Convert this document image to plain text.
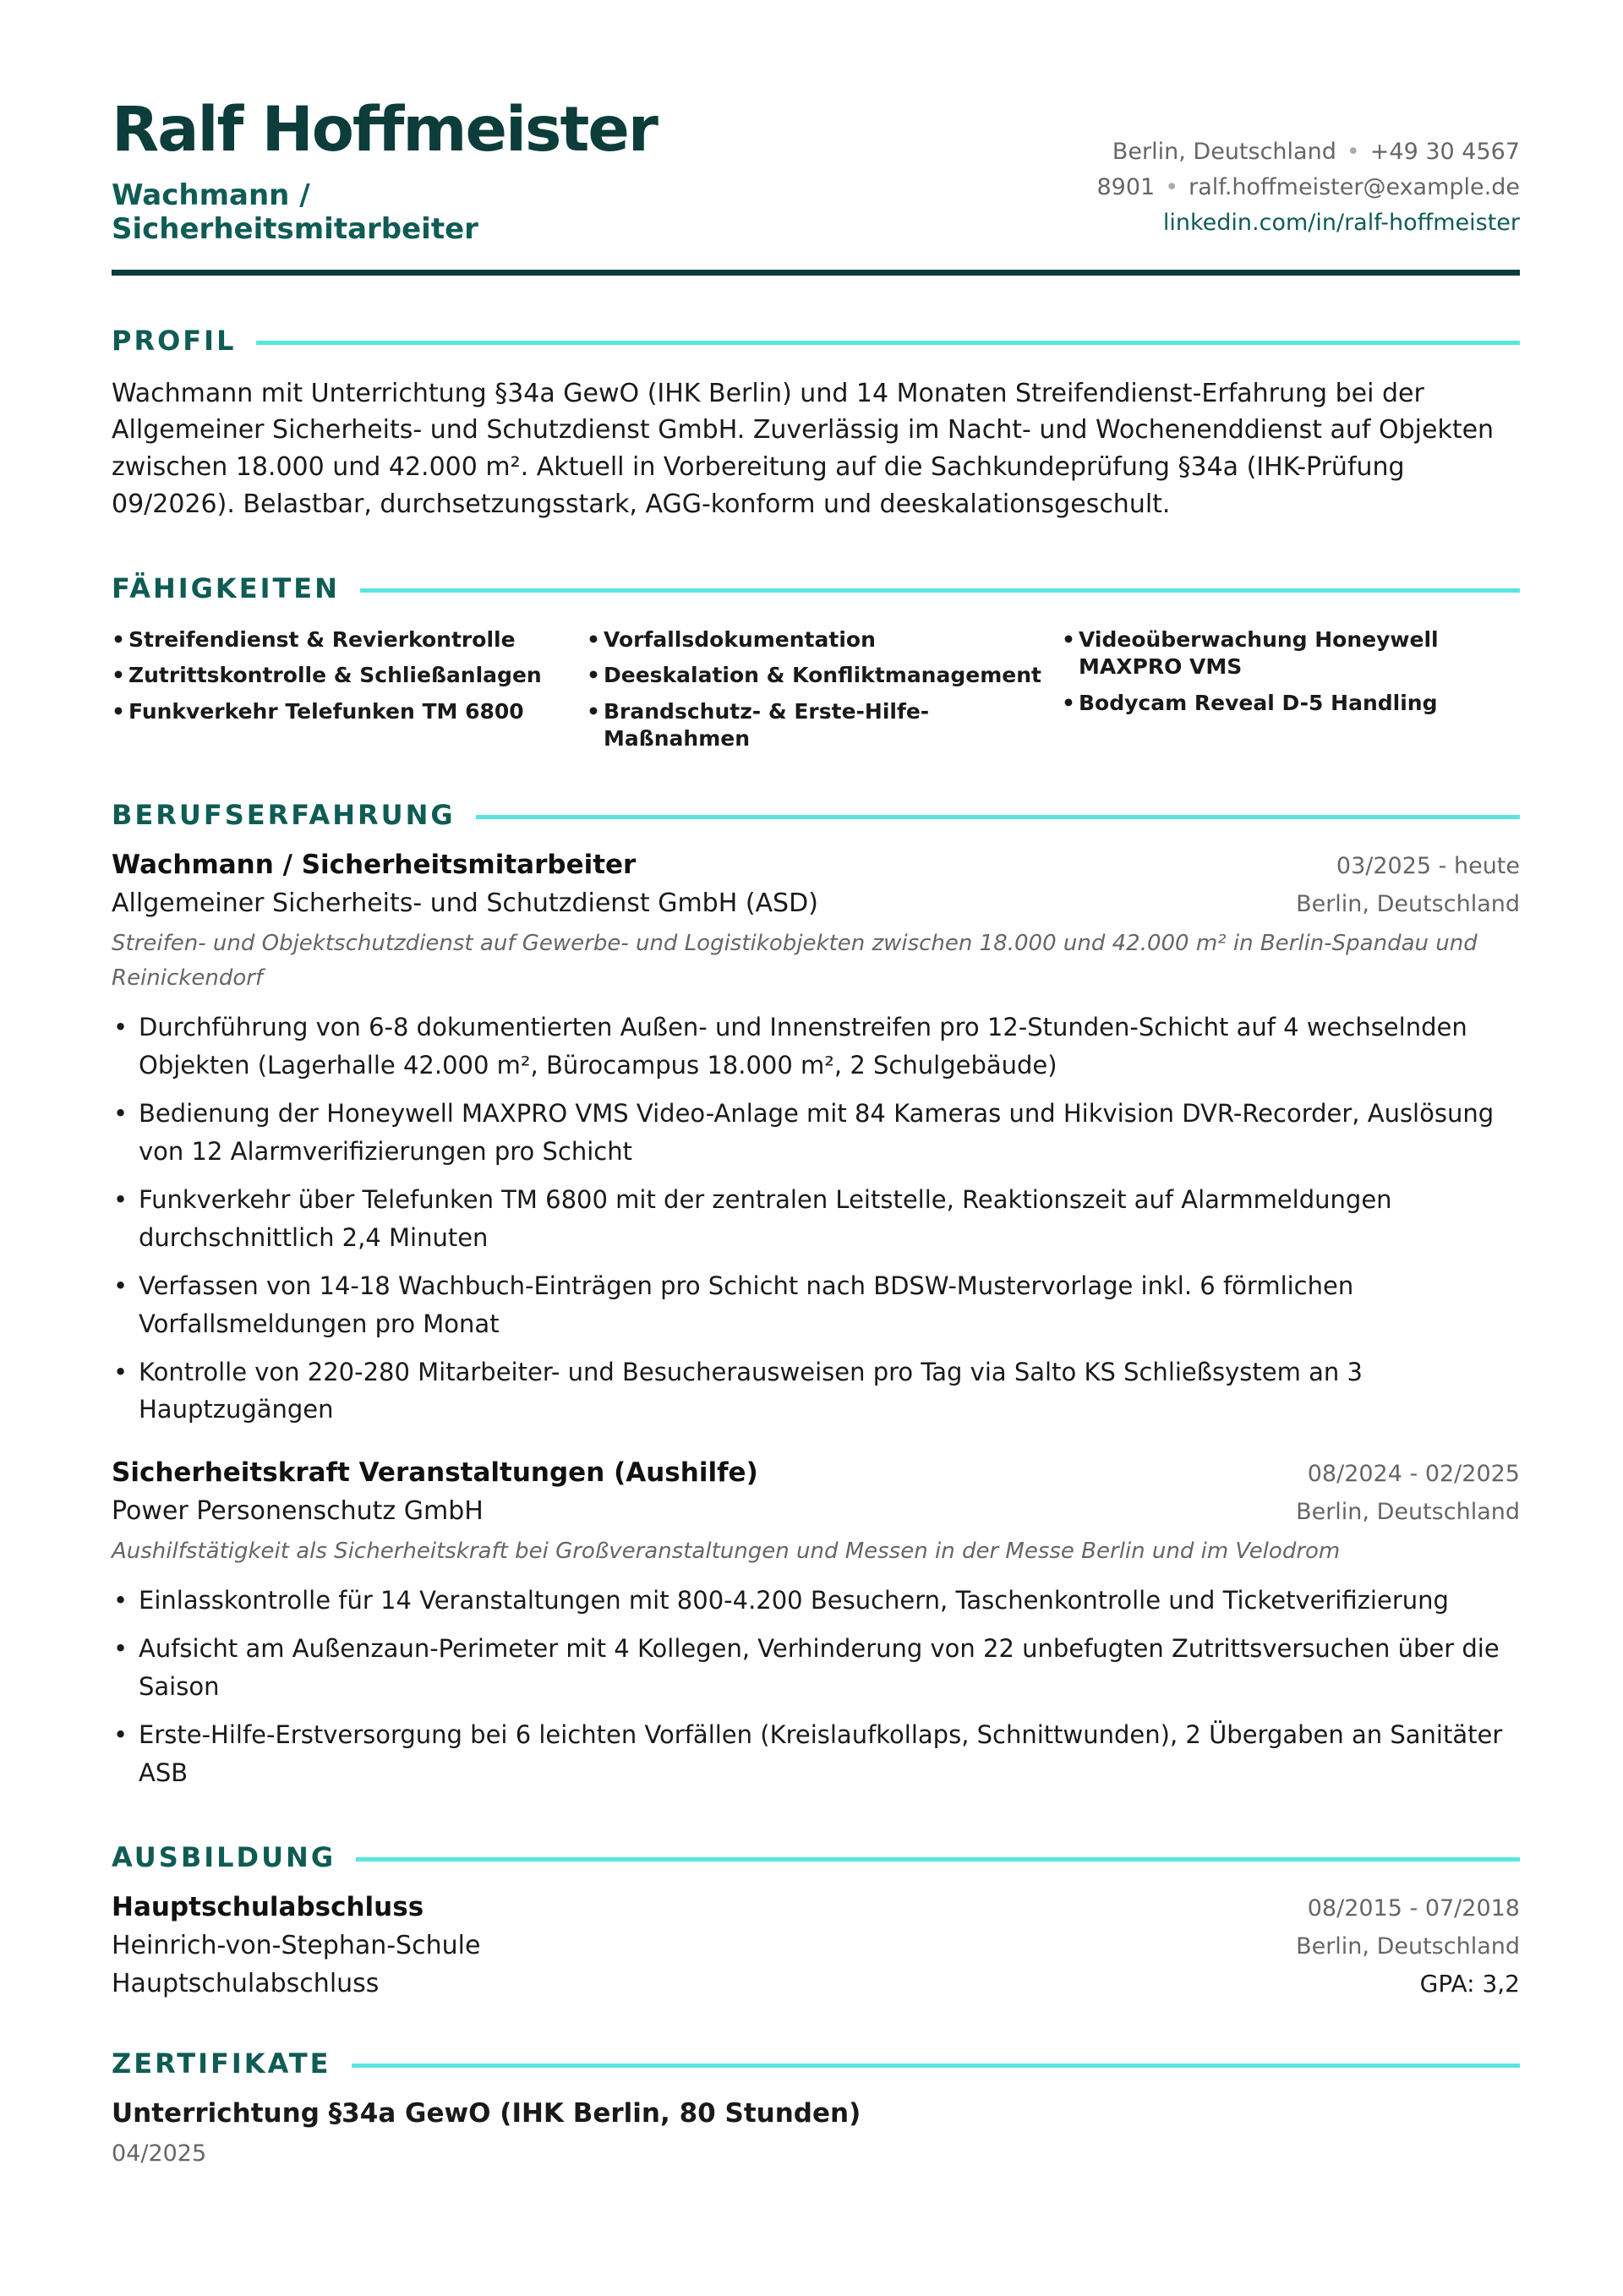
Ralf Hoffmeister
Wachmann / Sicherheitsmitarbeiter
Berlin, Deutschland • +49 30 4567 8901 • ralf.hoffmeister@example.de
linkedin.com/in/ralf-hoffmeister
PROFIL
Wachmann mit Unterrichtung §34a GewO (IHK Berlin) und 14 Monaten Streifendienst-Erfahrung bei der Allgemeiner Sicherheits- und Schutzdienst GmbH. Zuverlässig im Nacht- und Wochenenddienst auf Objekten zwischen 18.000 und 42.000 m². Aktuell in Vorbereitung auf die Sachkundeprüfung §34a (IHK-Prüfung 09/2026). Belastbar, durchsetzungsstark, AGG-konform und deeskalationsgeschult.
FÄHIGKEITEN
• Streifendienst & Revierkontrolle
• Zutrittskontrolle & Schließanlagen
• Funkverkehr Telefunken TM 6800
• Vorfallsdokumentation
• Deeskalation & Konfliktmanagement
• Brandschutz- & Erste-Hilfe-Maßnahmen
• Videoüberwachung Honeywell MAXPRO VMS
• Bodycam Reveal D-5 Handling
BERUFSERFAHRUNG
Wachmann / Sicherheitsmitarbeiter	03/2025 - heute
Allgemeiner Sicherheits- und Schutzdienst GmbH (ASD)	Berlin, Deutschland
Streifen- und Objektschutzdienst auf Gewerbe- und Logistikobjekten zwischen 18.000 und 42.000 m² in Berlin-Spandau und Reinickendorf
• Durchführung von 6-8 dokumentierten Außen- und Innenstreifen pro 12-Stunden-Schicht auf 4 wechselnden Objekten (Lagerhalle 42.000 m², Bürocampus 18.000 m², 2 Schulgebäude)
• Bedienung der Honeywell MAXPRO VMS Video-Anlage mit 84 Kameras und Hikvision DVR-Recorder, Auslösung von 12 Alarmverifizierungen pro Schicht
• Funkverkehr über Telefunken TM 6800 mit der zentralen Leitstelle, Reaktionszeit auf Alarmmeldungen durchschnittlich 2,4 Minuten
• Verfassen von 14-18 Wachbuch-Einträgen pro Schicht nach BDSW-Mustervorlage inkl. 6 förmlichen Vorfallsmeldungen pro Monat
• Kontrolle von 220-280 Mitarbeiter- und Besucherausweisen pro Tag via Salto KS Schließsystem an 3 Hauptzugängen
Sicherheitskraft Veranstaltungen (Aushilfe)	08/2024 - 02/2025
Power Personenschutz GmbH	Berlin, Deutschland
Aushilfstätigkeit als Sicherheitskraft bei Großveranstaltungen und Messen in der Messe Berlin und im Velodrom
• Einlasskontrolle für 14 Veranstaltungen mit 800-4.200 Besuchern, Taschenkontrolle und Ticketverifizierung
• Aufsicht am Außenzaun-Perimeter mit 4 Kollegen, Verhinderung von 22 unbefugten Zutrittsversuchen über die Saison
• Erste-Hilfe-Erstversorgung bei 6 leichten Vorfällen (Kreislaufkollaps, Schnittwunden), 2 Übergaben an Sanitäter ASB
AUSBILDUNG
Hauptschulabschluss	08/2015 - 07/2018
Heinrich-von-Stephan-Schule	Berlin, Deutschland
Hauptschulabschluss	GPA: 3,2
ZERTIFIKATE
Unterrichtung §34a GewO (IHK Berlin, 80 Stunden)
04/2025
